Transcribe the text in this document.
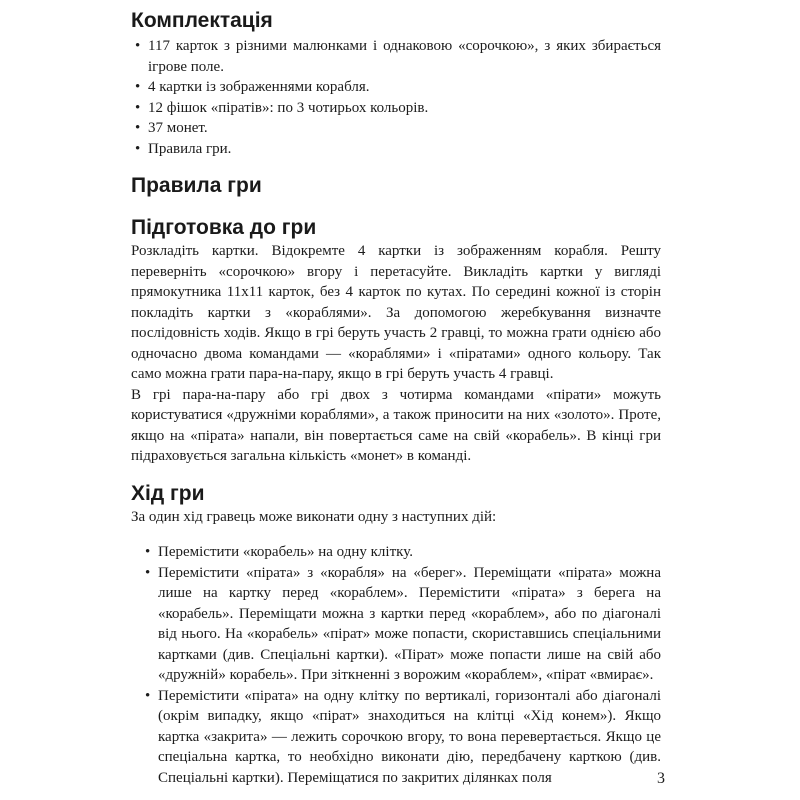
Комплектація
• 117 карток з різними малюнками і однаковою «сорочкою», з яких збирається ігрове поле.
• 4 картки із зображеннями корабля.
• 12 фішок «піратів»: по 3 чотирьох кольорів.
• 37 монет.
• Правила гри.
Правила гри
Підготовка до гри

Розкладіть картки. Відокремте 4 картки із зображенням корабля. Решту переверніть «сорочкою» вгору і перетасуйте. Викладіть картки у вигляді прямокутника 11х11 карток, без 4 карток по кутах. По середині кожної із сторін покладіть картки з «кораблями». За допомогою жеребкування визначте послідовність ходів. Якщо в грі беруть участь 2 гравці, то можна грати однією або одночасно двома командами — «кораблями» і «піратами» одного кольору. Так само можна грати пара-на-пару, якщо в грі беруть участь 4 гравці.

В грі пара-на-пару або грі двох з чотирма командами «пірати» можуть користуватися «дружніми кораблями», а також приносити на них «золото». Проте, якщо на «пірата» напали, він повертається саме на свій «корабель». В кінці гри підраховується загальна кількість «монет» в команді.

Хід гри

За один хід гравець може виконати одну з наступних дій:

• Перемістити «корабель» на одну клітку.
• Перемістити «пірата» з «корабля» на «берег». Переміщати «пірата» можна лише на картку перед «кораблем». Перемістити «пірата» з берега на «корабель». Переміщати можна з картки перед «кораблем», або по діагоналі від нього. На «корабель» «пірат» може попасти, скориставшись спеціальними картками (див. Спеціальні картки). «Пірат» може попасти лише на свій або «дружній» корабель». При зіткненні з ворожим «кораблем», «пірат «вмирає».
• Перемістити «пірата» на одну клітку по вертикалі, горизонталі або діагоналі (окрім випадку, якщо «пірат» знаходиться на клітці «Хід конем»). Якщо картка «закрита» — лежить сорочкою вгору, то вона перевертається. Якщо це спеціальна картка, то необхідно виконати дію, передбачену карткою (див. Спеціальні картки). Переміщатися по закритих ділянках поля	3
